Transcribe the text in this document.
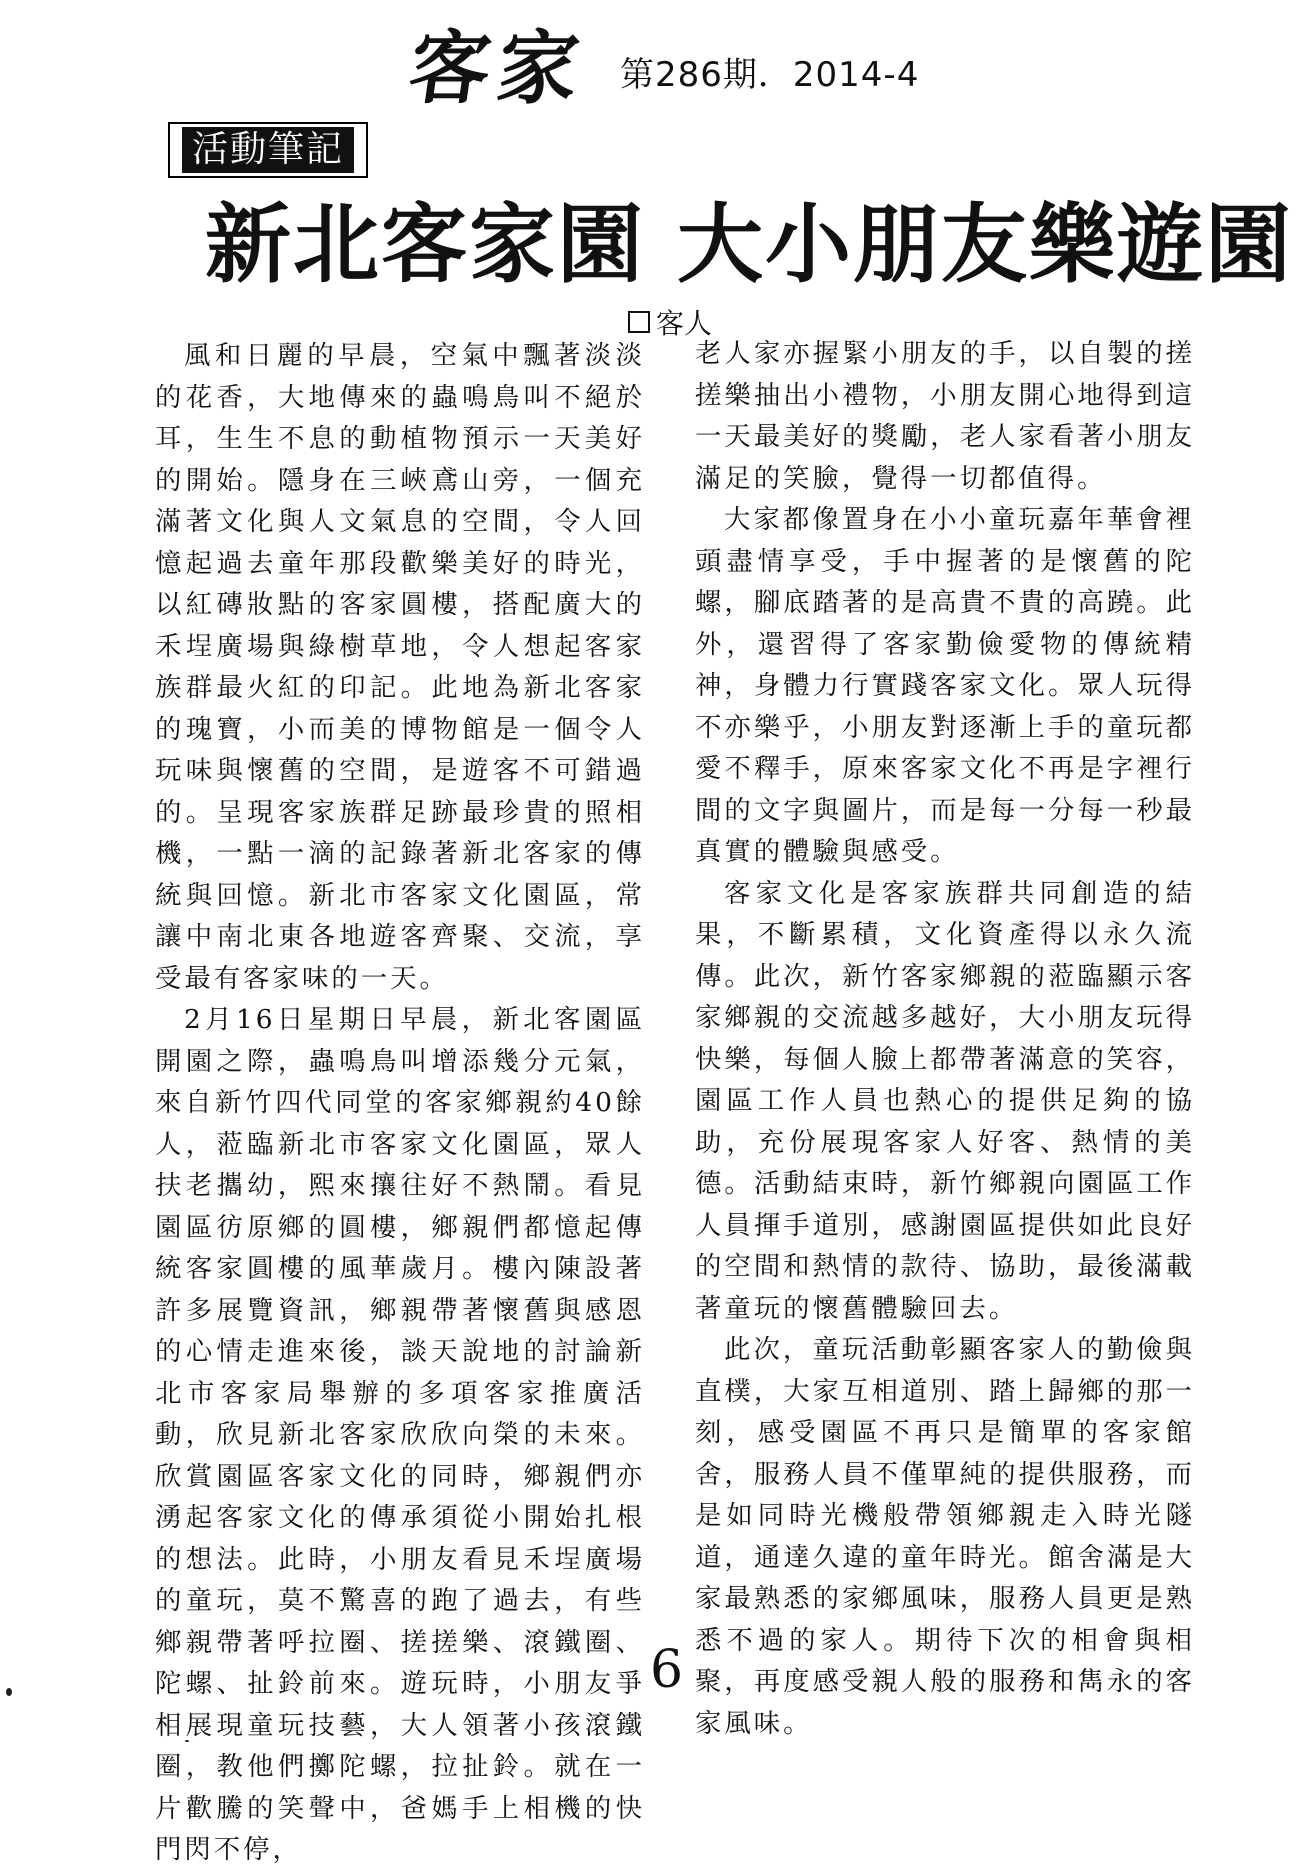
客家 第286期．2014-4
活動筆記
新北客家園 大小朋友樂遊園
客人

風和日麗的早晨，空氣中飄著淡淡的花香，大地傳來的蟲鳴鳥叫不絕於耳，生生不息的動植物預示一天美好的開始。隱身在三峽鳶山旁，一個充滿著文化與人文氣息的空間，令人回憶起過去童年那段歡樂美好的時光，以紅磚妝點的客家圓樓，搭配廣大的禾埕廣場與綠樹草地，令人想起客家族群最火紅的印記。此地為新北客家的瑰寶，小而美的博物館是一個令人玩味與懷舊的空間，是遊客不可錯過的。呈現客家族群足跡最珍貴的照相機，一點一滴的記錄著新北客家的傳統與回憶。新北市客家文化園區，常讓中南北東各地遊客齊聚、交流，享受最有客家味的一天。

2月16日星期日早晨，新北客園區開園之際，蟲鳴鳥叫增添幾分元氣，來自新竹四代同堂的客家鄉親約40餘人，蒞臨新北市客家文化園區，眾人扶老攜幼，熙來攘往好不熱鬧。看見園區彷原鄉的圓樓，鄉親們都憶起傳統客家圓樓的風華歲月。樓內陳設著許多展覽資訊，鄉親帶著懷舊與感恩的心情走進來後，談天說地的討論新北市客家局舉辦的多項客家推廣活動，欣見新北客家欣欣向榮的未來。欣賞園區客家文化的同時，鄉親們亦湧起客家文化的傳承須從小開始扎根的想法。此時，小朋友看見禾埕廣場的童玩，莫不驚喜的跑了過去，有些鄉親帶著呼拉圈、搓搓樂、滾鐵圈、陀螺、扯鈴前來。遊玩時，小朋友爭相展現童玩技藝，大人領著小孩滾鐵圈，教他們擲陀螺，拉扯鈴。就在一片歡騰的笑聲中，爸媽手上相機的快門閃不停，

老人家亦握緊小朋友的手，以自製的搓搓樂抽出小禮物，小朋友開心地得到這一天最美好的獎勵，老人家看著小朋友滿足的笑臉，覺得一切都值得。

大家都像置身在小小童玩嘉年華會裡頭盡情享受，手中握著的是懷舊的陀螺，腳底踏著的是高貴不貴的高蹺。此外，還習得了客家勤儉愛物的傳統精神，身體力行實踐客家文化。眾人玩得不亦樂乎，小朋友對逐漸上手的童玩都愛不釋手，原來客家文化不再是字裡行間的文字與圖片，而是每一分每一秒最真實的體驗與感受。

客家文化是客家族群共同創造的結果，不斷累積，文化資產得以永久流傳。此次，新竹客家鄉親的蒞臨顯示客家鄉親的交流越多越好，大小朋友玩得快樂，每個人臉上都帶著滿意的笑容，園區工作人員也熱心的提供足夠的協助，充份展現客家人好客、熱情的美德。活動結束時，新竹鄉親向園區工作人員揮手道別，感謝園區提供如此良好的空間和熱情的款待、協助，最後滿載著童玩的懷舊體驗回去。

此次，童玩活動彰顯客家人的勤儉與直樸，大家互相道別、踏上歸鄉的那一刻，感受園區不再只是簡單的客家館舍，服務人員不僅單純的提供服務，而是如同時光機般帶領鄉親走入時光隧道，通達久違的童年時光。館舍滿是大家最熟悉的家鄉風味，服務人員更是熟悉不過的家人。期待下次的相會與相聚，再度感受親人般的服務和雋永的客家風味。

6
